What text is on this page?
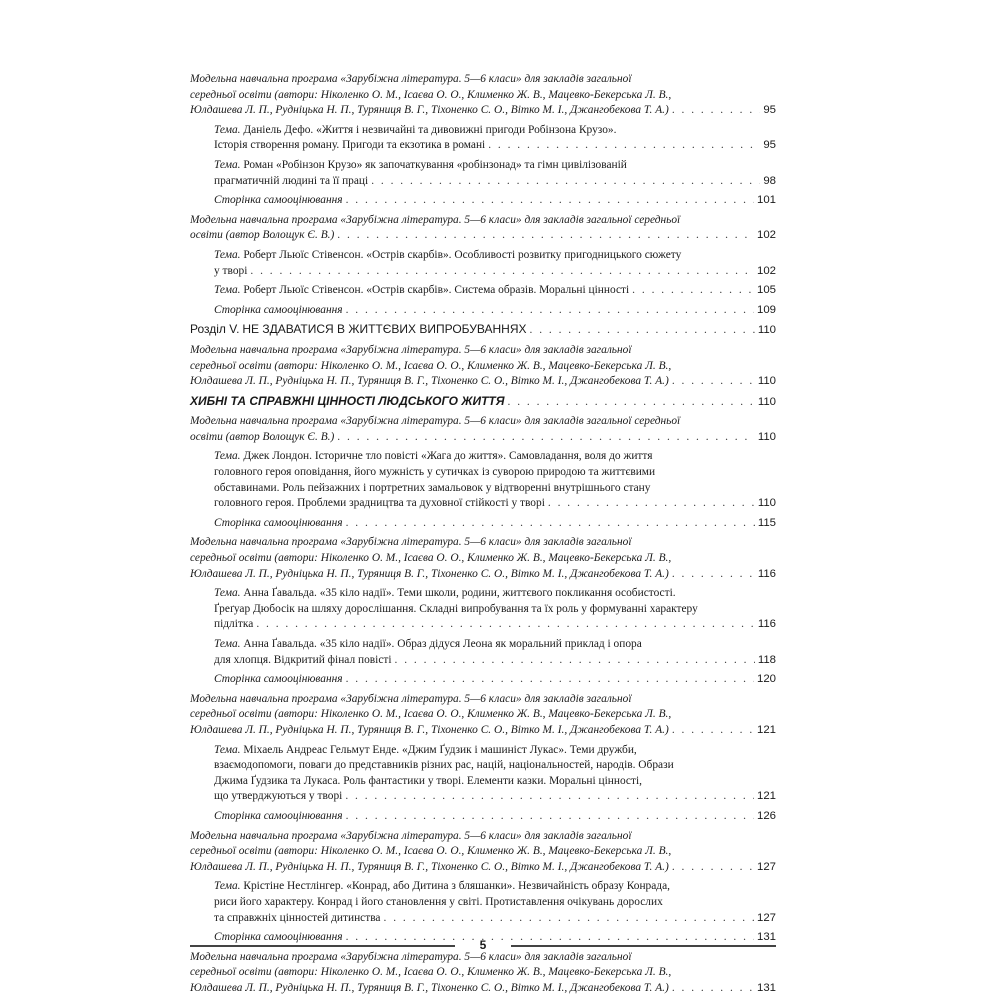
Модельна навчальна програма «Зарубіжна література. 5—6 класи» для закладів загальної
середньої освіти (автори: Ніколенко О. М., Ісаєва О. О., Клименко Ж. В., Мацевко-Бекерська Л. В.,
Юлдашева Л. П., Рудніцька Н. П., Туряниця В. Г., Тіхоненко С. О., Вітко М. І., Джангобекова Т. А.) . . .	95
Тема. Даніель Дефо. «Життя і незвичайні та дивовижні пригоди Робінзона Крузо».
Історія створення роману. Пригоди та екзотика в романі . . .	95
Тема. Роман «Робінзон Крузо» як започаткування «робінзонад» та гімн цивілізованій
прагматичній людині та її праці . . .	98
Сторінка самооцінювання . . .	101
Модельна навчальна програма «Зарубіжна література. 5—6 класи» для закладів загальної середньої
освіти (автор Волощук Є. В.) . . .	102
Тема. Роберт Льюїс Стівенсон. «Острів скарбів». Особливості розвитку пригодницького сюжету
у творі . . .	102
Тема. Роберт Льюїс Стівенсон. «Острів скарбів». Система образів. Моральні цінності . . .	105
Сторінка самооцінювання . . .	109
Розділ V. НЕ ЗДАВАТИСЯ В ЖИТТЄВИХ ВИПРОБУВАННЯХ . . .	110
Модельна навчальна програма «Зарубіжна література. 5—6 класи» для закладів загальної
середньої освіти (автори: Ніколенко О. М., Ісаєва О. О., Клименко Ж. В., Мацевко-Бекерська Л. В.,
Юлдашева Л. П., Рудніцька Н. П., Туряниця В. Г., Тіхоненко С. О., Вітко М. І., Джангобекова Т. А.) . . .	110
ХИБНІ ТА СПРАВЖНІ ЦІННОСТІ ЛЮДСЬКОГО ЖИТТЯ . . .	110
Модельна навчальна програма «Зарубіжна література. 5—6 класи» для закладів загальної середньої
освіти (автор Волощук Є. В.) . . .	110
Тема. Джек Лондон. Історичне тло повісті «Жага до життя». Самовладання, воля до життя
головного героя оповідання, його мужність у сутичках із суворою природою та життєвими
обставинами. Роль пейзажних і портретних замальовок у відтворенні внутрішнього стану
головного героя. Проблеми зрадництва та духовної стійкості у творі . . .	110
Сторінка самооцінювання . . .	115
Модельна навчальна програма «Зарубіжна література. 5—6 класи» для закладів загальної
середньої освіти (автори: Ніколенко О. М., Ісаєва О. О., Клименко Ж. В., Мацевко-Бекерська Л. В.,
Юлдашева Л. П., Рудніцька Н. П., Туряниця В. Г., Тіхоненко С. О., Вітко М. І., Джангобекова Т. А.) . . .	116
Тема. Анна Ґавальда. «35 кіло надії». Теми школи, родини, життєвого покликання особистості.
Ґреґуар Дюбосік на шляху дорослішання. Складні випробування та їх роль у формуванні характеру
підлітка . . .	116
Тема. Анна Ґавальда. «35 кіло надії». Образ дідуся Леона як моральний приклад і опора
для хлопця. Відкритий фінал повісті . . .	118
Сторінка самооцінювання . . .	120
Модельна навчальна програма «Зарубіжна література. 5—6 класи» для закладів загальної
середньої освіти (автори: Ніколенко О. М., Ісаєва О. О., Клименко Ж. В., Мацевко-Бекерська Л. В.,
Юлдашева Л. П., Рудніцька Н. П., Туряниця В. Г., Тіхоненко С. О., Вітко М. І., Джангобекова Т. А.) . . .	121
Тема. Міхаель Андреас Гельмут Енде. «Джим Ґудзик і машиніст Лукас». Теми дружби,
взаємодопомоги, поваги до представників різних рас, націй, національностей, народів. Образи
Джима Ґудзика та Лукаса. Роль фантастики у творі. Елементи казки. Моральні цінності,
що утверджуються у творі . . .	121
Сторінка самооцінювання . . .	126
Модельна навчальна програма «Зарубіжна література. 5—6 класи» для закладів загальної
середньої освіти (автори: Ніколенко О. М., Ісаєва О. О., Клименко Ж. В., Мацевко-Бекерська Л. В.,
Юлдашева Л. П., Рудніцька Н. П., Туряниця В. Г., Тіхоненко С. О., Вітко М. І., Джангобекова Т. А.) . . .	127
Тема. Крістіне Нестлінгер. «Конрад, або Дитина з бляшанки». Незвичайність образу Конрада,
риси його характеру. Конрад і його становлення у світі. Протиставлення очікувань дорослих
та справжніх цінностей дитинства . . .	127
Сторінка самооцінювання . . .	131
Модельна навчальна програма «Зарубіжна література. 5—6 класи» для закладів загальної
середньої освіти (автори: Ніколенко О. М., Ісаєва О. О., Клименко Ж. В., Мацевко-Бекерська Л. В.,
Юлдашева Л. П., Рудніцька Н. П., Туряниця В. Г., Тіхоненко С. О., Вітко М. І., Джангобекова Т. А.) . . .	131
5
